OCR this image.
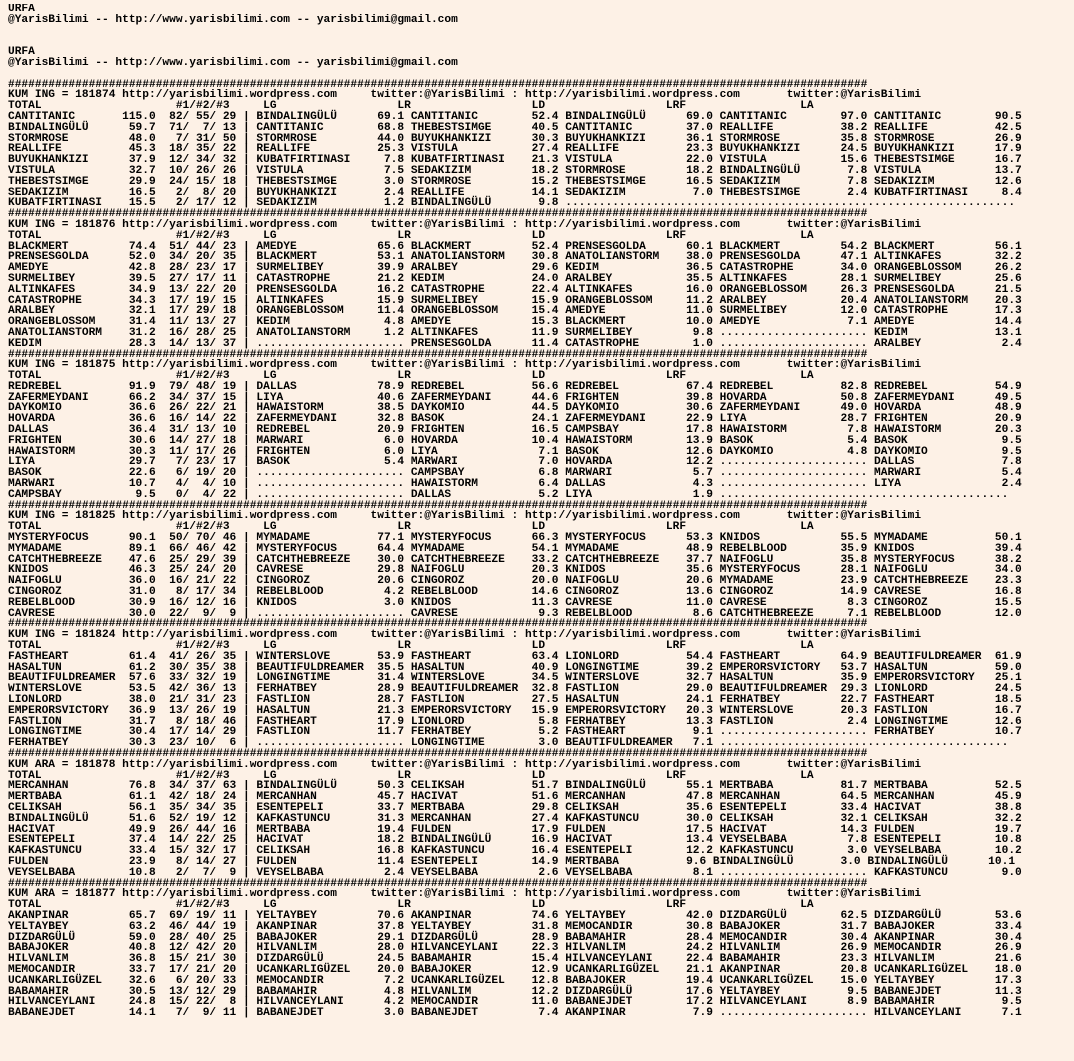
URFA
@YarisBilimi -- http://www.yarisbilimi.com -- yarisbilimi@gmail.com

URFA
@YarisBilimi -- http://www.yarisbilimi.com -- yarisbilimi@gmail.com

################################################################################################################################
KUM ING = 181874 http://yarisbilimi.wordpress.com     twitter:@YarisBilimi : http://yarisbilimi.wordpress.com       twitter:@YarisBilimi
TOTAL                    #1/#2/#3     LG                  LR                  LD                  LRF                 LA
CANTITANIC       115.0  82/ 55/ 29 | BINDALINGÜLÜ      69.1 CANTITANIC        52.4 BINDALINGÜLÜ      69.0 CANTITANIC        97.0 CANTITANIC        90.5
BINDALINGÜLÜ      59.7  71/  7/ 13 | CANTITANIC        68.8 THEBESTSIMGE      40.5 CANTITANIC        37.0 REALLIFE          38.2 REALLIFE          42.5
STORMROSE         48.0   7/ 31/ 50 | STORMROSE         44.0 BUYUKHANKIZI      30.3 BUYUKHANKIZI      36.1 STORMROSE         35.8 STORMROSE         26.9
REALLIFE          45.3  18/ 35/ 22 | REALLIFE          25.3 VISTULA           27.4 REALLIFE          23.3 BUYUKHANKIZI      24.5 BUYUKHANKIZI      17.9
BUYUKHANKIZI      37.9  12/ 34/ 32 | KUBATFIRTINASI     7.8 KUBATFIRTINASI    21.3 VISTULA           22.0 VISTULA           15.6 THEBESTSIMGE      16.7
VISTULA           32.7  10/ 26/ 26 | VISTULA            7.5 SEDAKIZIM         18.2 STORMROSE         18.2 BINDALINGÜLÜ       7.8 VISTULA           13.7
THEBESTSIMGE      29.9  24/ 15/ 18 | THEBESTSIMGE       3.0 STORMROSE         15.2 THEBESTSIMGE      16.5 SEDAKIZIM          7.8 SEDAKIZIM         12.6
SEDAKIZIM         16.5   2/  8/ 20 | BUYUKHANKIZI       2.4 REALLIFE          14.1 SEDAKIZIM          7.0 THEBESTSIMGE       2.4 KUBATFIRTINASI     8.4
KUBATFIRTINASI    15.5   2/ 17/ 12 | SEDAKIZIM          1.2 BINDALINGÜLÜ       9.8 ...................................................................
################################################################################################################################
KUM ING = 181876 http://yarisbilimi.wordpress.com     twitter:@YarisBilimi : http://yarisbilimi.wordpress.com       twitter:@YarisBilimi
TOTAL                    #1/#2/#3     LG                  LR                  LD                  LRF                 LA
BLACKMERT         74.4  51/ 44/ 23 | AMEDYE            65.6 BLACKMERT         52.4 PRENSESGOLDA      60.1 BLACKMERT         54.2 BLACKMERT         56.1
PRENSESGOLDA      52.0  34/ 20/ 35 | BLACKMERT         53.1 ANATOLIANSTORM    30.8 ANATOLIANSTORM    38.0 PRENSESGOLDA      47.1 ALTINKAFES        32.2
AMEDYE            42.8  28/ 23/ 17 | SURMELIBEY        39.9 ARALBEY           29.6 KEDIM             36.5 CATASTROPHE       34.0 ORANGEBLOSSOM     26.2
SURMELIBEY        39.5  27/ 17/ 11 | CATASTROPHE       21.2 KEDIM             24.0 ARALBEY           35.5 ALTINKAFES        28.1 SURMELIBEY        25.6
ALTINKAFES        34.9  13/ 22/ 20 | PRENSESGOLDA      16.2 CATASTROPHE       22.4 ALTINKAFES        16.0 ORANGEBLOSSOM     26.3 PRENSESGOLDA      21.5
CATASTROPHE       34.3  17/ 19/ 15 | ALTINKAFES        15.9 SURMELIBEY        15.9 ORANGEBLOSSOM     11.2 ARALBEY           20.4 ANATOLIANSTORM    20.3
ARALBEY           32.1  17/ 29/ 18 | ORANGEBLOSSOM     11.4 ORANGEBLOSSOM     15.4 AMEDYE            11.0 SURMELIBEY        12.0 CATASTROPHE       17.3
ORANGEBLOSSOM     31.4  11/ 13/ 27 | KEDIM              4.8 AMEDYE            15.3 BLACKMERT         10.0 AMEDYE             7.1 AMEDYE            14.4
ANATOLIANSTORM    31.2  16/ 28/ 25 | ANATOLIANSTORM     1.2 ALTINKAFES        11.9 SURMELIBEY         9.8 ...................... KEDIM             13.1
KEDIM             28.3  14/ 13/ 37 | ...................... PRENSESGOLDA      11.4 CATASTROPHE        1.0 ...................... ARALBEY            2.4
################################################################################################################################
KUM ING = 181875 http://yarisbilimi.wordpress.com     twitter:@YarisBilimi : http://yarisbilimi.wordpress.com       twitter:@YarisBilimi
TOTAL                    #1/#2/#3     LG                  LR                  LD                  LRF                 LA
REDREBEL          91.9  79/ 48/ 19 | DALLAS            78.9 REDREBEL          56.6 REDREBEL          67.4 REDREBEL          82.8 REDREBEL          54.9
ZAFERMEYDANI      66.2  34/ 37/ 15 | LIYA              40.6 ZAFERMEYDANI      44.6 FRIGHTEN          39.8 HOVARDA           50.8 ZAFERMEYDANI      49.5
DAYKOMIO          36.6  26/ 22/ 21 | HAWAISTORM        38.5 DAYKOMIO          44.5 DAYKOMIO          30.6 ZAFERMEYDANI      49.0 HOVARDA           48.9
HOVARDA           36.6  16/ 14/ 22 | ZAFERMEYDANI      32.8 BASOK             24.1 ZAFERMEYDANI      22.9 LIYA              28.7 FRIGHTEN          20.9
DALLAS            36.4  31/ 13/ 10 | REDREBEL          20.9 FRIGHTEN          16.5 CAMPSBAY          17.8 HAWAISTORM         7.8 HAWAISTORM        20.3
FRIGHTEN          30.6  14/ 27/ 18 | MARWARI            6.0 HOVARDA           10.4 HAWAISTORM        13.9 BASOK              5.4 BASOK              9.5
HAWAISTORM        30.3  11/ 17/ 26 | FRIGHTEN           6.0 LIYA               7.1 BASOK             12.6 DAYKOMIO           4.8 DAYKOMIO           9.5
LIYA              29.7   7/ 23/ 17 | BASOK              5.4 MARWARI            7.0 HOVARDA           12.2 ...................... DALLAS             7.8
BASOK             22.6   6/ 19/ 20 | ...................... CAMPSBAY           6.8 MARWARI            5.7 ...................... MARWARI            5.4
MARWARI           10.7   4/  4/ 10 | ...................... HAWAISTORM         6.4 DALLAS             4.3 ...................... LIYA               2.4
CAMPSBAY           9.5   0/  4/ 22 | ...................... DALLAS             5.2 LIYA               1.9 ...........................................
################################################################################################################################
KUM ING = 181825 http://yarisbilimi.wordpress.com     twitter:@YarisBilimi : http://yarisbilimi.wordpress.com       twitter:@YarisBilimi
TOTAL                    #1/#2/#3     LG                  LR                  LD                  LRF                 LA
MYSTERYFOCUS      90.1  50/ 70/ 46 | MYMADAME          77.1 MYSTERYFOCUS      66.3 MYSTERYFOCUS      53.3 KNIDOS            55.5 MYMADAME          50.1
MYMADAME          89.1  66/ 46/ 42 | MYSTERYFOCUS      64.4 MYMADAME          54.1 MYMADAME          48.9 REBELBLOOD        35.9 KNIDOS            39.4
CATCHTHEBREEZE    47.6  25/ 29/ 39 | CATCHTHEBREEZE    30.0 CATCHTHEBREEZE    33.2 CATCHTHEBREEZE    37.7 NAIFOGLU          35.8 MYSTERYFOCUS      38.2
KNIDOS            46.3  25/ 24/ 20 | CAVRESE           29.8 NAIFOGLU          20.3 KNIDOS            35.6 MYSTERYFOCUS      28.1 NAIFOGLU          34.0
NAIFOGLU          36.0  16/ 21/ 22 | CINGOROZ          20.6 CINGOROZ          20.0 NAIFOGLU          20.6 MYMADAME          23.9 CATCHTHEBREEZE    23.3
CINGOROZ          31.0   8/ 17/ 34 | REBELBLOOD         4.2 REBELBLOOD        14.6 CINGOROZ          13.6 CINGOROZ          14.9 CAVRESE           16.8
REBELBLOOD        30.9  16/ 12/ 16 | KNIDOS             3.0 KNIDOS            11.3 CAVRESE           11.0 CAVRESE            8.3 CINGOROZ          15.5
CAVRESE           30.0  22/  9/  9 | ...................... CAVRESE            9.3 REBELBLOOD         8.6 CATCHTHEBREEZE     7.1 REBELBLOOD        12.0
################################################################################################################################
KUM ING = 181824 http://yarisbilimi.wordpress.com     twitter:@YarisBilimi : http://yarisbilimi.wordpress.com       twitter:@YarisBilimi
TOTAL                    #1/#2/#3     LG                  LR                  LD                  LRF                 LA
FASTHEART         61.4  41/ 26/ 35 | WINTERSLOVE       53.9 FASTHEART         63.4 LIONLORD          54.4 FASTHEART         64.9 BEAUTIFULDREAMER  61.9
HASALTUN          61.2  30/ 35/ 38 | BEAUTIFULDREAMER  35.5 HASALTUN          40.9 LONGINGTIME       39.2 EMPERORSVICTORY   53.7 HASALTUN          59.0
BEAUTIFULDREAMER  57.6  33/ 32/ 19 | LONGINGTIME       31.4 WINTERSLOVE       34.5 WINTERSLOVE       32.7 HASALTUN          35.9 EMPERORSVICTORY   25.1
WINTERSLOVE       53.5  42/ 36/ 13 | FERHATBEY         28.9 BEAUTIFULDREAMER  32.8 FASTLION          29.0 BEAUTIFULDREAMER  29.3 LIONLORD          24.5
LIONLORD          38.0  21/ 31/ 23 | FASTLION          28.7 FASTLION          27.5 HASALTUN          24.1 FERHATBEY         22.7 FASTHEART         18.5
EMPERORSVICTORY   36.9  13/ 26/ 19 | HASALTUN          21.3 EMPERORSVICTORY   15.9 EMPERORSVICTORY   20.3 WINTERSLOVE       20.3 FASTLION          16.7
FASTLION          31.7   8/ 18/ 46 | FASTHEART         17.9 LIONLORD           5.8 FERHATBEY         13.3 FASTLION           2.4 LONGINGTIME       12.6
LONGINGTIME       30.4  17/ 14/ 29 | FASTLION          11.7 FERHATBEY          5.2 FASTHEART          9.1 ...................... FERHATBEY         10.7
FERHATBEY         30.3  23/ 10/  6 | ...................... LONGINGTIME        3.0 BEAUTIFULDREAMER   7.1 ...........................................
################################################################################################################################
KUM ARA = 181878 http://yarisbilimi.wordpress.com     twitter:@YarisBilimi : http://yarisbilimi.wordpress.com       twitter:@YarisBilimi
TOTAL                    #1/#2/#3     LG                  LR                  LD                  LRF                 LA
MERCANHAN         76.8  34/ 37/ 63 | BINDALINGÜLÜ      50.3 CELIKSAH          51.7 BINDALINGÜLÜ      55.1 MERTBABA          81.7 MERTBABA          52.5
MERTBABA          61.1  42/ 18/ 24 | MERCANHAN         45.7 HACIVAT           51.6 MERCANHAN         47.8 MERCANHAN         64.5 MERCANHAN         45.9
CELIKSAH          56.1  35/ 34/ 35 | ESENTEPELI        33.7 MERTBABA          29.8 CELIKSAH          35.6 ESENTEPELI        33.4 HACIVAT           38.8
BINDALINGÜLÜ      51.6  52/ 19/ 12 | KAFKASTUNCU       31.3 MERCANHAN         27.4 KAFKASTUNCU       30.0 CELIKSAH          32.1 CELIKSAH          32.2
HACIVAT           49.9  26/ 44/ 16 | MERTBABA          19.4 FULDEN            17.9 FULDEN            17.5 HACIVAT           14.3 FULDEN            19.7
ESENTEPELI        37.4  14/ 22/ 25 | HACIVAT           18.2 BINDALINGÜLÜ      16.9 HACIVAT           13.4 VEYSELBABA         7.8 ESENTEPELI        10.8
KAFKASTUNCU       33.4  15/ 32/ 17 | CELIKSAH          16.8 KAFKASTUNCU       16.4 ESENTEPELI        12.2 KAFKASTUNCU        3.0 VEYSELBABA        10.2
FULDEN            23.9   8/ 14/ 27 | FULDEN            11.4 ESENTEPELI        14.9 MERTBABA          9.6 BINDALINGÜLÜ       3.0 BINDALINGÜLÜ      10.1
VEYSELBABA        10.8   2/  7/  9 | VEYSELBABA         2.4 VEYSELBABA         2.6 VEYSELBABA         8.1 ...................... KAFKASTUNCU        9.0
################################################################################################################################
KUM ARA = 181877 http://yarisbilimi.wordpress.com     twitter:@YarisBilimi : http://yarisbilimi.wordpress.com       twitter:@YarisBilimi
TOTAL                    #1/#2/#3     LG                  LR                  LD                  LRF                 LA
AKANPINAR         65.7  69/ 19/ 11 | YELTAYBEY         70.6 AKANPINAR         74.6 YELTAYBEY         42.0 DIZDARGÜLÜ        62.5 DIZDARGÜLÜ        53.6
YELTAYBEY         63.2  46/ 44/ 19 | AKANPINAR         37.8 YELTAYBEY         31.8 MEMOCANDIR        30.8 BABAJOKER         31.7 BABAJOKER         33.4
DIZDARGÜLÜ        59.0  28/ 40/ 25 | BABAJOKER         29.1 DIZDARGÜLÜ        28.9 BABAMAHIR         28.4 MEMOCANDIR        30.4 AKANPINAR         30.4
BABAJOKER         40.8  12/ 42/ 20 | HILVANLIM         28.0 HILVANCEYLANI     22.3 HILVANLIM         24.2 HILVANLIM         26.9 MEMOCANDIR        26.9
HILVANLIM         36.8  15/ 21/ 30 | DIZDARGÜLÜ        24.5 BABAMAHIR         15.4 HILVANCEYLANI     22.4 BABAMAHIR         23.3 HILVANLIM         21.6
MEMOCANDIR        33.7  17/ 21/ 20 | UCANKARLIGÜZEL    20.0 BABAJOKER         12.9 UCANKARLIGÜZEL    21.1 AKANPINAR         20.8 UCANKARLIGÜZEL    18.0
UCANKARLIGÜZEL    32.6   6/ 20/ 33 | MEMOCANDIR         7.2 UCANKARLIGÜZEL    12.8 BABAJOKER         19.4 UCANKARLIGÜZEL    15.0 YELTAYBEY         17.3
BABAMAHIR         30.5  13/ 12/ 29 | BABAMAHIR          4.8 HILVANLIM         12.2 DIZDARGÜLÜ        17.6 YELTAYBEY          9.5 BABANEJDET        11.3
HILVANCEYLANI     24.8  15/ 22/  8 | HILVANCEYLANI      4.2 MEMOCANDIR        11.0 BABANEJDET        17.2 HILVANCEYLANI      8.9 BABAMAHIR          9.5
BABANEJDET        14.1   7/  9/ 11 | BABANEJDET         3.0 BABANEJDET         7.4 AKANPINAR          7.9 ...................... HILVANCEYLANI      7.1
